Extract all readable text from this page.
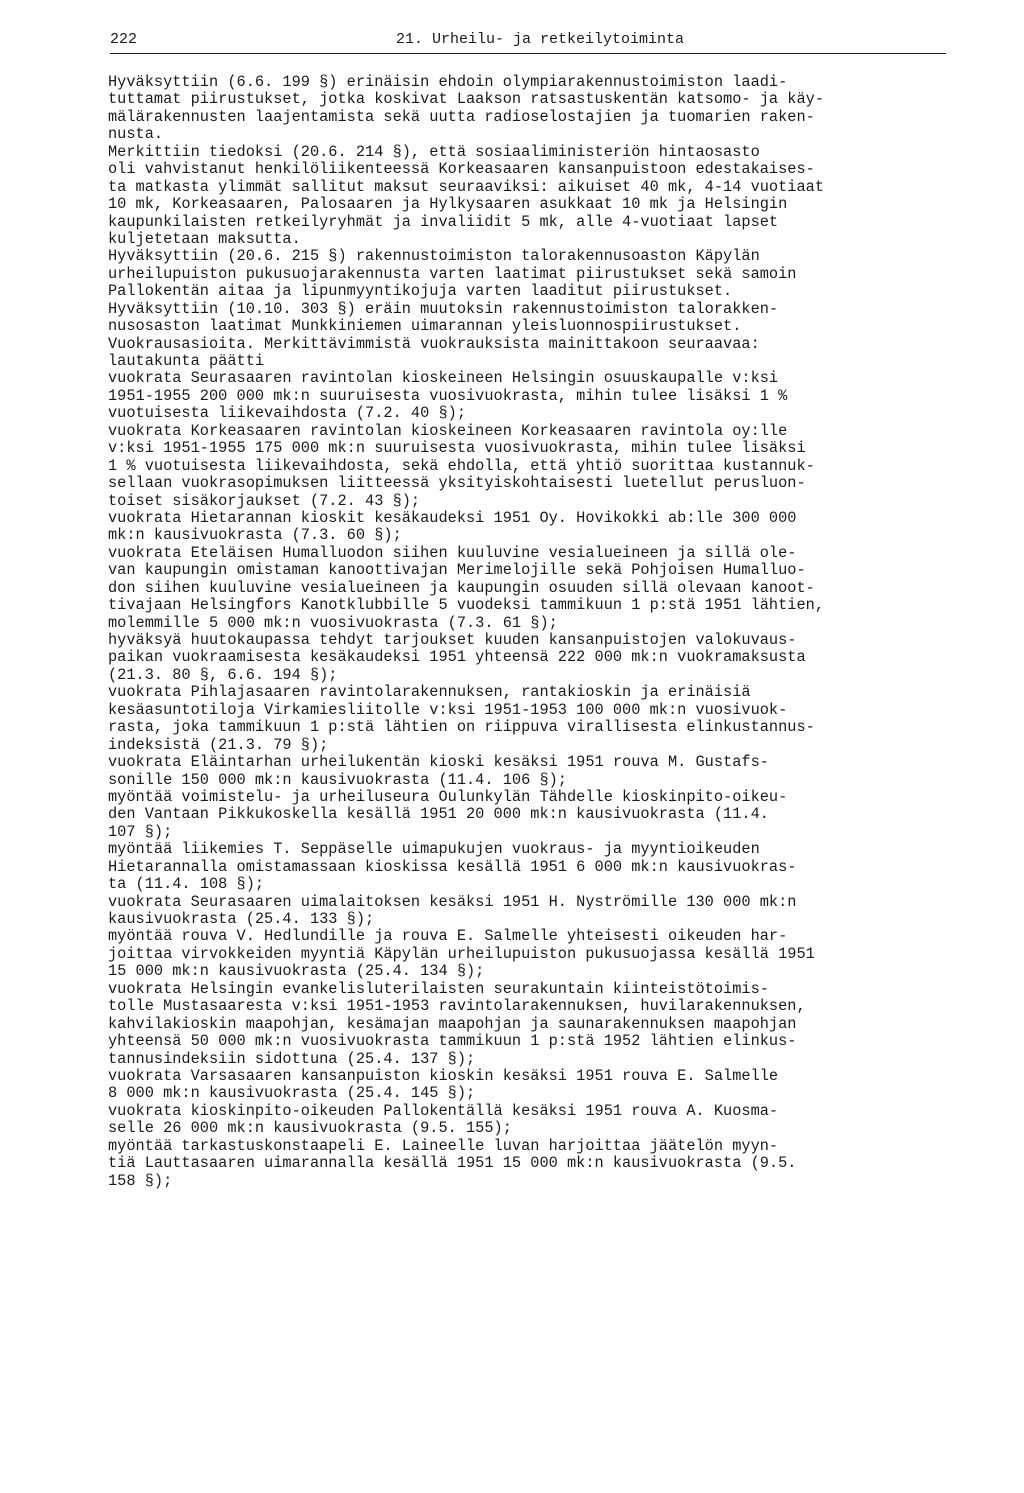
222	21. Urheilu- ja retkeilytoiminta
Hyväksyttiin (6.6. 199 §) erinäisin ehdoin olympiarakennustoimiston laadi-
tuttamat piirustukset, jotka koskivat Laakson ratsastuskentän katsomo- ja käy-
mälärakennusten laajentamista sekä uutta radioselostajien ja tuomarien raken-
nusta.
Merkittiin tiedoksi (20.6. 214 §), että sosiaaliministeriön hintaosasto
oli vahvistanut henkilöliikenteessä Korkeasaaren kansanpuistoon edestakaises-
ta matkasta ylimmät sallitut maksut seuraaviksi: aikuiset 40 mk, 4-14 vuotiaat
10 mk, Korkeasaaren, Palosaaren ja Hylkysaaren asukkaat 10 mk ja Helsingin
kaupunkilaisten retkeilyryhmät ja invaliidit 5 mk, alle 4-vuotiaat lapset
kuljetetaan maksutta.
Hyväksyttiin (20.6. 215 §) rakennustoimiston talorakennusoaston Käpylän
urheilupuiston pukusuojarakennusta varten laatimat piirustukset sekä samoin
Pallokentän aitaa ja lipunmyyntikojuja varten laaditut piirustukset.
Hyväksyttiin (10.10. 303 §) eräin muutoksin rakennustoimiston talorakken-
nusosaston laatimat Munkkiniemen uimarannan yleisluonnospiirustukset.
Vuokrausasioita. Merkittävimmistä vuokrauksista mainittakoon seuraavaa:
lautakunta päätti
vuokrata Seurasaaren ravintolan kioskeineen Helsingin osuuskaupalle v:ksi
1951-1955 200 000 mk:n suuruisesta vuosivuokrasta, mihin tulee lisäksi 1 %
vuotuisesta liikevaihdosta (7.2. 40 §);
vuokrata Korkeasaaren ravintolan kioskeineen Korkeasaaren ravintola oy:lle
v:ksi 1951-1955 175 000 mk:n suuruisesta vuosivuokrasta, mihin tulee lisäksi
1 % vuotuisesta liikevaihdosta, sekä ehdolla, että yhtiö suorittaa kustannuk-
sellaan vuokrasopimuksen liitteessä yksityiskohtaisesti luetellut perusluon-
toiset sisäkorjaukset (7.2. 43 §);
vuokrata Hietarannan kioskit kesäkaudeksi 1951 Oy. Hovikokki ab:lle 300 000
mk:n kausivuokrasta (7.3. 60 §);
vuokrata Eteläisen Humalluodon siihen kuuluvine vesialueineen ja sillä ole-
van kaupungin omistaman kanoottivajan Merimelojille sekä Pohjoisen Humalluo-
don siihen kuuluvine vesialueineen ja kaupungin osuuden sillä olevaan kanoot-
tivajaan Helsingfors Kanotklubbille 5 vuodeksi tammikuun 1 p:stä 1951 lähtien,
molemmille 5 000 mk:n vuosivuokrasta (7.3. 61 §);
hyväksyä huutokaupassa tehdyt tarjoukset kuuden kansanpuistojen valokuvaus-
paikan vuokraamisesta kesäkaudeksi 1951 yhteensä 222 000 mk:n vuokramaksusta
(21.3. 80 §, 6.6. 194 §);
vuokrata Pihlajasaaren ravintolarakennuksen, rantakioskin ja erinäisiä
kesäasuntotiloja Virkamiesliitolle v:ksi 1951-1953 100 000 mk:n vuosivuok-
rasta, joka tammikuun 1 p:stä lähtien on riippuva virallisesta elinkustannus-
indeksistä (21.3. 79 §);
vuokrata Eläintarhan urheilukentän kioski kesäksi 1951 rouva M. Gustafs-
sonille 150 000 mk:n kausivuokrasta (11.4. 106 §);
myöntää voimistelu- ja urheiluseura Oulunkylän Tähdelle kioskinpito-oikeu-
den Vantaan Pikkukoskella kesällä 1951 20 000 mk:n kausivuokrasta (11.4.
107 §);
myöntää liikemies T. Seppäselle uimapukujen vuokraus- ja myyntioikeuden
Hietarannalla omistamassaan kioskissa kesällä 1951 6 000 mk:n kausivuokras-
ta (11.4. 108 §);
vuokrata Seurasaaren uimalaitoksen kesäksi 1951 H. Nyströmille 130 000 mk:n
kausivuokrasta (25.4. 133 §);
myöntää rouva V. Hedlundille ja rouva E. Salmelle yhteisesti oikeuden har-
joittaa virvokkeiden myyntiä Käpylän urheilupuiston pukusuojassa kesällä 1951
15 000 mk:n kausivuokrasta (25.4. 134 §);
vuokrata Helsingin evankelisluterilaisten seurakuntain kiinteistötoimis-
tolle Mustasaaresta v:ksi 1951-1953 ravintolarakennuksen, huvilarakennuksen,
kahvilakioskin maapohjan, kesämajan maapohjan ja saunarakennuksen maapohjan
yhteensä 50 000 mk:n vuosivuokrasta tammikuun 1 p:stä 1952 lähtien elinkus-
tannusindeksiin sidottuna (25.4. 137 §);
vuokrata Varsasaaren kansanpuiston kioskin kesäksi 1951 rouva E. Salmelle
8 000 mk:n kausivuokrasta (25.4. 145 §);
vuokrata kioskinpito-oikeuden Pallokentällä kesäksi 1951 rouva A. Kuosma-
selle 26 000 mk:n kausivuokrasta (9.5. 155);
myöntää tarkastuskonstaapeli E. Laineelle luvan harjoittaa jäätelön myyn-
tiä Lauttasaaren uimarannalla kesällä 1951 15 000 mk:n kausivuokrasta (9.5.
158 §);
